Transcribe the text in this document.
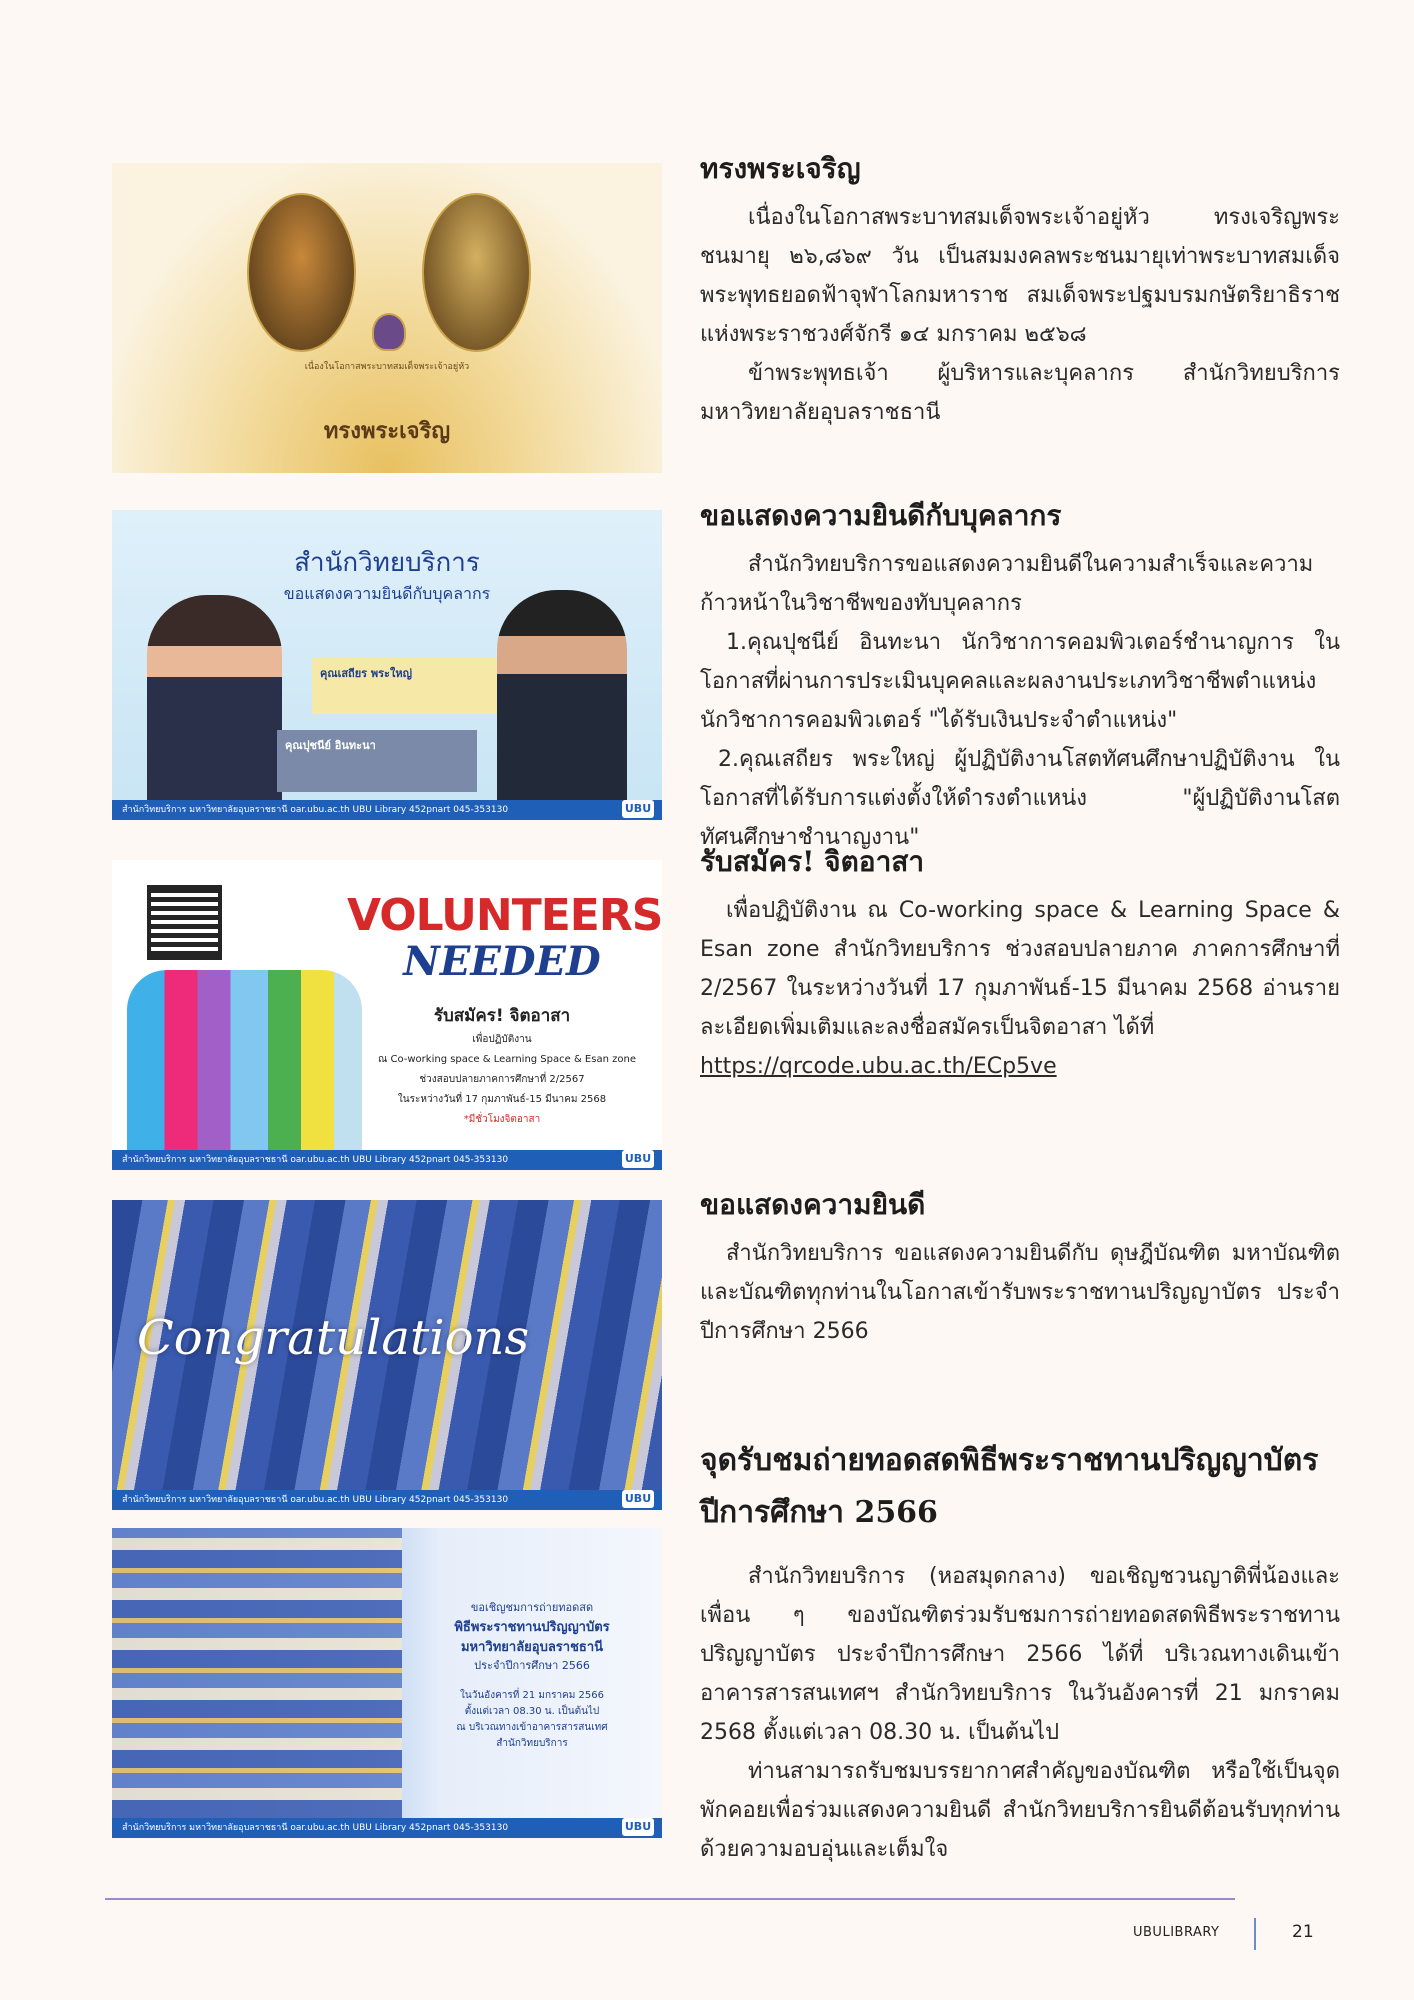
เนื่องในโอกาสพระบาทสมเด็จพระเจ้าอยู่หัว
ทรงพระเจริญ
สำนักวิทยบริการ
ขอแสดงความยินดีกับบุคลากร
คุณเสถียร พระใหญ่
คุณปุชนีย์ อินทะนา
สำนักวิทยบริการ มหาวิทยาลัยอุบลราชธานี oar.ubu.ac.th UBU Library 452pnart 045-353130	UBU
VOLUNTEERS
NEEDED
รับสมัคร! จิตอาสา
เพื่อปฏิบัติงาน
ณ Co-working space & Learning Space & Esan zone
ช่วงสอบปลายภาคการศึกษาที่ 2/2567
ในระหว่างวันที่ 17 กุมภาพันธ์-15 มีนาคม 2568
*มีชั่วโมงจิตอาสา
สำนักวิทยบริการ มหาวิทยาลัยอุบลราชธานี oar.ubu.ac.th UBU Library 452pnart 045-353130	UBU
Congratulations
สำนักวิทยบริการ มหาวิทยาลัยอุบลราชธานี oar.ubu.ac.th UBU Library 452pnart 045-353130	UBU
ขอเชิญชมการถ่ายทอดสด
พิธีพระราชทานปริญญาบัตร
มหาวิทยาลัยอุบลราชธานี
ประจำปีการศึกษา 2566
ในวันอังคารที่ 21 มกราคม 2566
ตั้งแต่เวลา 08.30 น. เป็นต้นไป
ณ บริเวณทางเข้าอาคารสารสนเทศ
สำนักวิทยบริการ
สำนักวิทยบริการ มหาวิทยาลัยอุบลราชธานี oar.ubu.ac.th UBU Library 452pnart 045-353130	UBU
ทรงพระเจริญ

เนื่องในโอกาสพระบาทสมเด็จพระเจ้าอยู่หัว ทรงเจริญพระชนมายุ ๒๖,๘๖๙ วัน เป็นสมมงคลพระชนมายุเท่าพระบาทสมเด็จพระพุทธยอดฟ้าจุฬาโลกมหาราช สมเด็จพระปฐมบรมกษัตริยาธิราชแห่งพระราชวงศ์จักรี ๑๔ มกราคม ๒๕๖๘

ข้าพระพุทธเจ้า ผู้บริหารและบุคลากร สำนักวิทยบริการ มหาวิทยาลัยอุบลราชธานี

ขอแสดงความยินดีกับบุคลากร

สำนักวิทยบริการขอแสดงความยินดีในความสำเร็จและความก้าวหน้าในวิชาชีพของทับบุคลากร

1.คุณปุชนีย์ อินทะนา นักวิชาการคอมพิวเตอร์ชำนาญการ ในโอกาสที่ผ่านการประเมินบุคคลและผลงานประเภทวิชาชีพตำแหน่งนักวิชาการคอมพิวเตอร์ "ได้รับเงินประจำตำแหน่ง"

2.คุณเสถียร พระใหญ่ ผู้ปฏิบัติงานโสตทัศนศึกษาปฏิบัติงาน ในโอกาสที่ได้รับการแต่งตั้งให้ดำรงตำแหน่ง "ผู้ปฏิบัติงานโสตทัศนศึกษาชำนาญงาน"

รับสมัคร! จิตอาสา

เพื่อปฏิบัติงาน ณ Co-working space & Learning Space & Esan zone สำนักวิทยบริการ ช่วงสอบปลายภาค ภาคการศึกษาที่ 2/2567 ในระหว่างวันที่ 17 กุมภาพันธ์-15 มีนาคม 2568 อ่านรายละเอียดเพิ่มเติมและลงชื่อสมัครเป็นจิตอาสา ได้ที่

https://qrcode.ubu.ac.th/ECp5ve

ขอแสดงความยินดี

สำนักวิทยบริการ ขอแสดงความยินดีกับ ดุษฎีบัณฑิต มหาบัณฑิต และบัณฑิตทุกท่านในโอกาสเข้ารับพระราชทานปริญญาบัตร ประจำปีการศึกษา 2566

จุดรับชมถ่ายทอดสดพิธีพระราชทานปริญญาบัตร ปีการศึกษา 2566

สำนักวิทยบริการ (หอสมุดกลาง) ขอเชิญชวนญาติพี่น้องและเพื่อน ๆ ของบัณฑิตร่วมรับชมการถ่ายทอดสดพิธีพระราชทานปริญญาบัตร ประจำปีการศึกษา 2566 ได้ที่ บริเวณทางเดินเข้าอาคารสารสนเทศฯ สำนักวิทยบริการ ในวันอังคารที่ 21 มกราคม 2568 ตั้งแต่เวลา 08.30 น. เป็นต้นไป

ท่านสามารถรับชมบรรยากาศสำคัญของบัณฑิต หรือใช้เป็นจุดพักคอยเพื่อร่วมแสดงความยินดี สำนักวิทยบริการยินดีต้อนรับทุกท่านด้วยความอบอุ่นและเต็มใจ

UBULIBRARY	21
